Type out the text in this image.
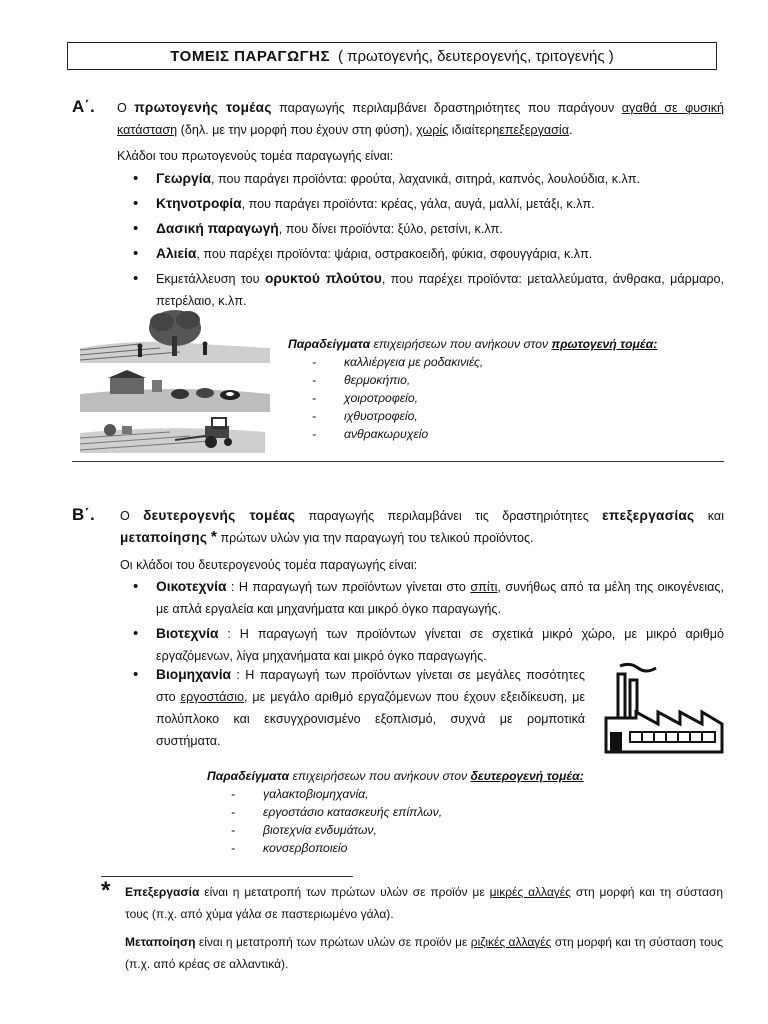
ΤΟΜΕΙΣ ΠΑΡΑΓΩΓΗΣ ( πρωτογενής, δευτερογενής, τριτογενής )
Α΄. Ο πρωτογενής τομέας παραγωγής περιλαμβάνει δραστηριότητες που παράγουν αγαθά σε φυσική κατάσταση (δηλ. με την μορφή που έχουν στη φύση), χωρίς ιδιαίτερηεπεξεργασία.

Κλάδοι του πρωτογενούς τομέα παραγωγής είναι:

• Γεωργία, που παράγει προϊόντα: φρούτα, λαχανικά, σιτηρά, καπνός, λουλούδια, κ.λπ.
• Κτηνοτροφία, που παράγει προϊόντα: κρέας, γάλα, αυγά, μαλλί, μετάξι, κ.λπ.
• Δασική παραγωγή, που δίνει προϊόντα: ξύλο, ρετσίνι, κ.λπ.
• Αλιεία, που παρέχει προϊόντα: ψάρια, οστρακοειδή, φύκια, σφουγγάρια, κ.λπ.
• Εκμετάλλευση του ορυκτού πλούτου, που παρέχει προϊόντα: μεταλλεύματα, άνθρακα, μάρμαρο, πετρέλαιο, κ.λπ.
Παραδείγματα επιχειρήσεων που ανήκουν στον πρωτογενή τομέα:
- καλλιέργεια με ροδακινιές,
- θερμοκήπιο,
- χοιροτροφείο,
- ιχθυοτροφείο,
- ανθρακωρυχείο
Β΄. Ο δευτερογενής τομέας παραγωγής περιλαμβάνει τις δραστηριότητες επεξεργασίας και μεταποίησης * πρώτων υλών για την παραγωγή του τελικού προϊόντος.

Οι κλάδοι του δευτερογενούς τομέα παραγωγής είναι:

• Οικοτεχνία : Η παραγωγή των προϊόντων γίνεται στο σπίτι, συνήθως από τα μέλη της οικογένειας, με απλά εργαλεία και μηχανήματα και μικρό όγκο παραγωγής.
• Βιοτεχνία : Η παραγωγή των προϊόντων γίνεται σε σχετικά μικρό χώρο, με μικρό αριθμό εργαζόμενων, λίγα μηχανήματα και μικρό όγκο παραγωγής.
• Βιομηχανία : Η παραγωγή των προϊόντων γίνεται σε μεγάλες ποσότητες στο εργοστάσιο, με μεγάλο αριθμό εργαζόμενων που έχουν εξειδίκευση, με πολύπλοκο και εκσυγχρονισμένο εξοπλισμό, συχνά με ρομποτικά συστήματα.
Παραδείγματα επιχειρήσεων που ανήκουν στον δευτερογενή τομέα:
- γαλακτοβιομηχανία,
- εργοστάσιο κατασκευής επίπλων,
- βιοτεχνία ενδυμάτων,
- κονσερβοποιείο
* Επεξεργασία είναι η μετατροπή των πρώτων υλών σε προϊόν με μικρές αλλαγές στη μορφή και τη σύσταση τους (π.χ. από χύμα γάλα σε παστεριωμένο γάλα).

Μεταποίηση είναι η μετατροπή των πρώτων υλών σε προϊόν με ριζικές αλλαγές στη μορφή και τη σύσταση τους (π.χ. από κρέας σε αλλαντικά).
